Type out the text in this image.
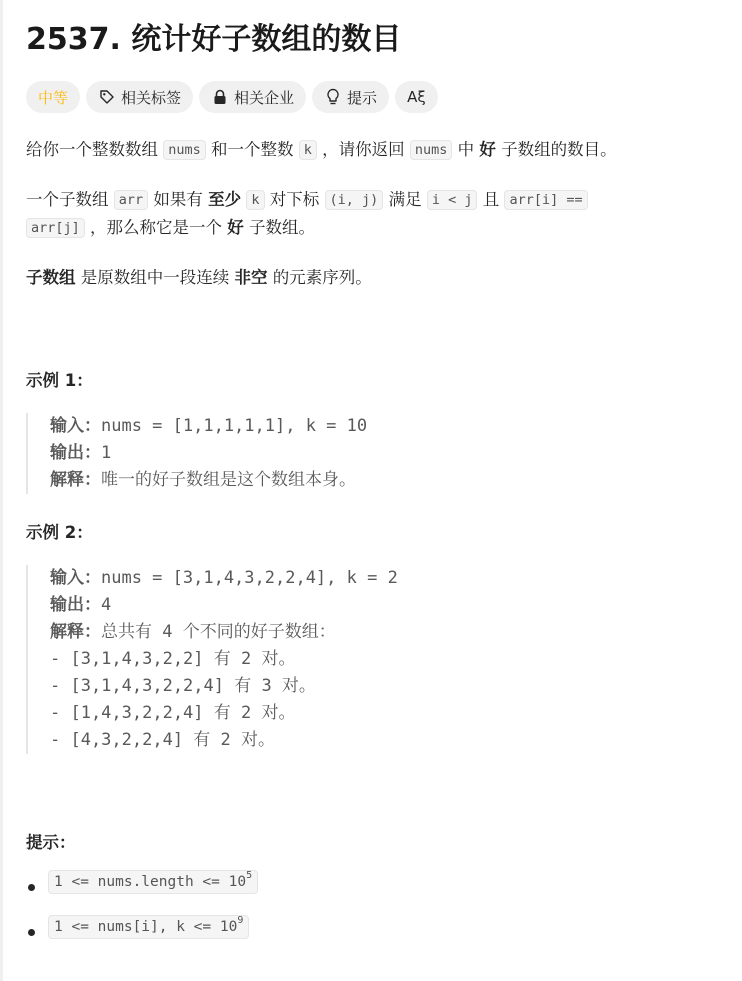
2537. 统计好子数组的数目
中等	相关标签	相关企业	提示 Aξ
给你一个整数数组 nums 和一个整数 k ，请你返回 nums 中 好 子数组的数目。
一个子数组 arr 如果有 至少 k 对下标 (i, j) 满足 i < j 且 arr[i] ==
arr[j] ，那么称它是一个 好 子数组。
子数组 是原数组中一段连续 非空 的元素序列。
示例 1：
输入：nums = [1,1,1,1,1], k = 10
输出：1
解释：唯一的好子数组是这个数组本身。
示例 2：
输入：nums = [3,1,4,3,2,2,4], k = 2
输出：4
解释：总共有 4 个不同的好子数组：
- [3,1,4,3,2,2] 有 2 对。
- [3,1,4,3,2,2,4] 有 3 对。
- [1,4,3,2,2,4] 有 2 对。
- [4,3,2,2,4] 有 2 对。
提示：
1 <= nums.length <= $10^5$
1 <= nums[i], $k <= 10^9$
